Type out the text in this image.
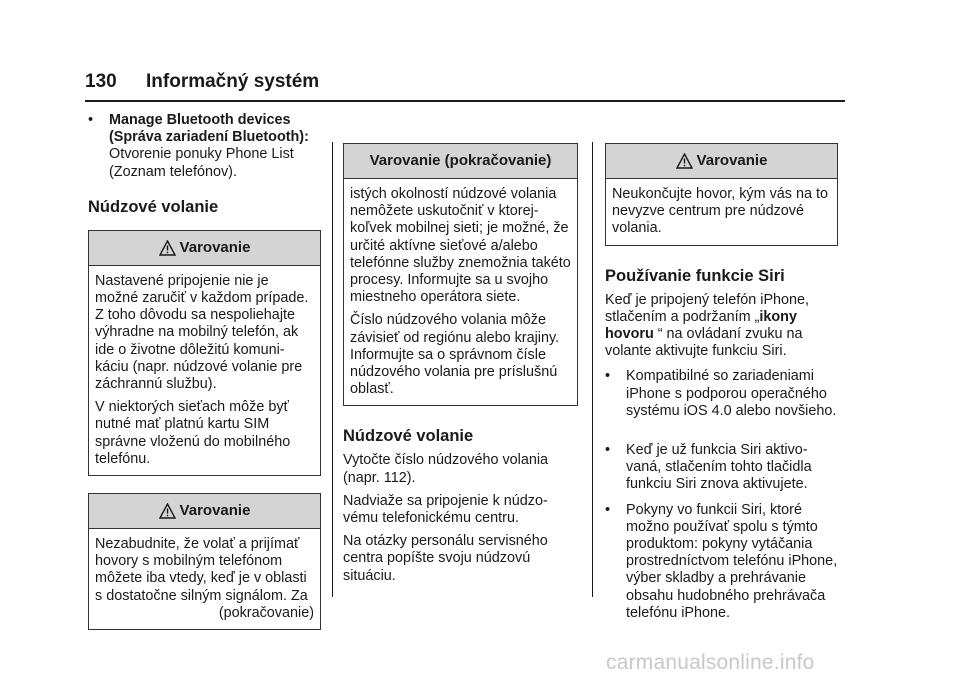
130 Informačný systém
• Manage Bluetooth devices (Správa zariadení Bluetooth):
Otvorenie ponuky Phone List (Zoznam telefónov).
Núdzové volanie
Varovanie

Nastavené pripojenie nie je možné zaručiť v každom prípade. Z toho dôvodu sa nespoliehajte výhradne na mobilný telefón, ak ide o životne dôležitú komuni-káciu (napr. núdzové volanie pre záchrannú službu).

V niektorých sieťach môže byť nutné mať platnú kartu SIM správne vloženú do mobilného telefónu.

Varovanie

Nezabudnite, že volať a prijímať hovory s mobilným telefónom môžete iba vtedy, keď je v oblasti s dostatočne silným signálom. Za

(pokračovanie)

Varovanie (pokračovanie)

istých okolností núdzové volania nemôžete uskutočniť v ktorej-koľvek mobilnej sieti; je možné, že určité aktívne sieťové a/alebo telefónne služby znemožnia takéto procesy. Informujte sa u svojho miestneho operátora siete.

Číslo núdzového volania môže závisieť od regiónu alebo krajiny. Informujte sa o správnom čísle núdzového volania pre príslušnú oblasť.

Núdzové volanie

Vytočte číslo núdzového volania (napr. 112).

Nadviaže sa pripojenie k núdzo-vému telefonickému centru.

Na otázky personálu servisného centra popíšte svoju núdzovú situáciu.

Varovanie

Neukončujte hovor, kým vás na to nevyzve centrum pre núdzové volania.

Používanie funkcie Siri

Keď je pripojený telefón iPhone, stlačením a podržaním „ikony hovoru “ na ovládaní zvuku na volante aktivujte funkciu Siri.

• Kompatibilné so zariadeniami iPhone s podporou operačného systému iOS 4.0 alebo novšieho.
• Keď je už funkcia Siri aktivo-vaná, stlačením tohto tlačidla funkciu Siri znova aktivujete.
• Pokyny vo funkcii Siri, ktoré možno používať spolu s týmto produktom: pokyny vytáčania prostredníctvom telefónu iPhone, výber skladby a prehrávanie obsahu hudobného prehrávača telefónu iPhone.
carmanualsonline.info
